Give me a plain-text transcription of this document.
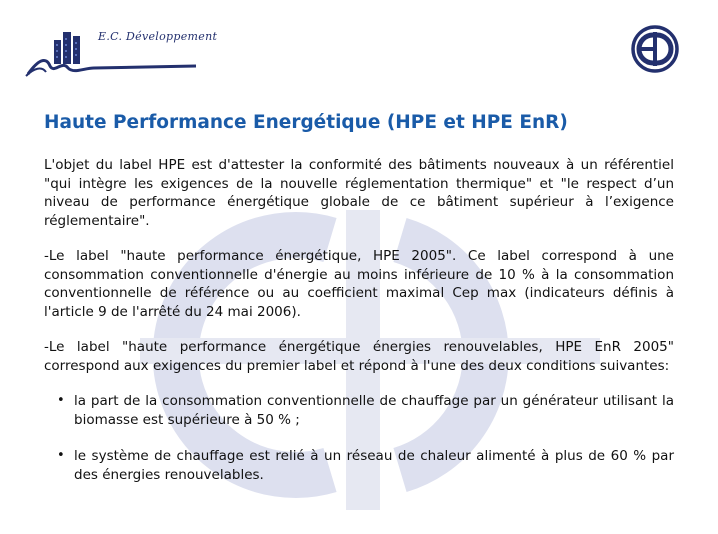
E.C. Développement
Haute Performance Energétique (HPE et HPE EnR)

L'objet du label HPE est d'attester la conformité des bâtiments nouveaux à un référentiel "qui intègre les exigences de la nouvelle réglementation thermique" et "le respect d’un niveau de performance énergétique globale de ce bâtiment supérieur à l’exigence réglementaire".

-Le label "haute performance énergétique, HPE 2005". Ce label correspond à une consommation conventionnelle d'énergie au moins inférieure de 10 % à la consommation conventionnelle de référence ou au coefficient maximal Cep max (indicateurs définis à l'article 9 de l'arrêté du 24 mai 2006).

-Le label "haute performance énergétique énergies renouvelables, HPE EnR 2005" correspond aux exigences du premier label et répond à l'une des deux conditions suivantes:

• la part de la consommation conventionnelle de chauffage par un générateur utilisant la biomasse est supérieure à 50 % ;
• le système de chauffage est relié à un réseau de chaleur alimenté à plus de 60 % par des énergies renouvelables.
